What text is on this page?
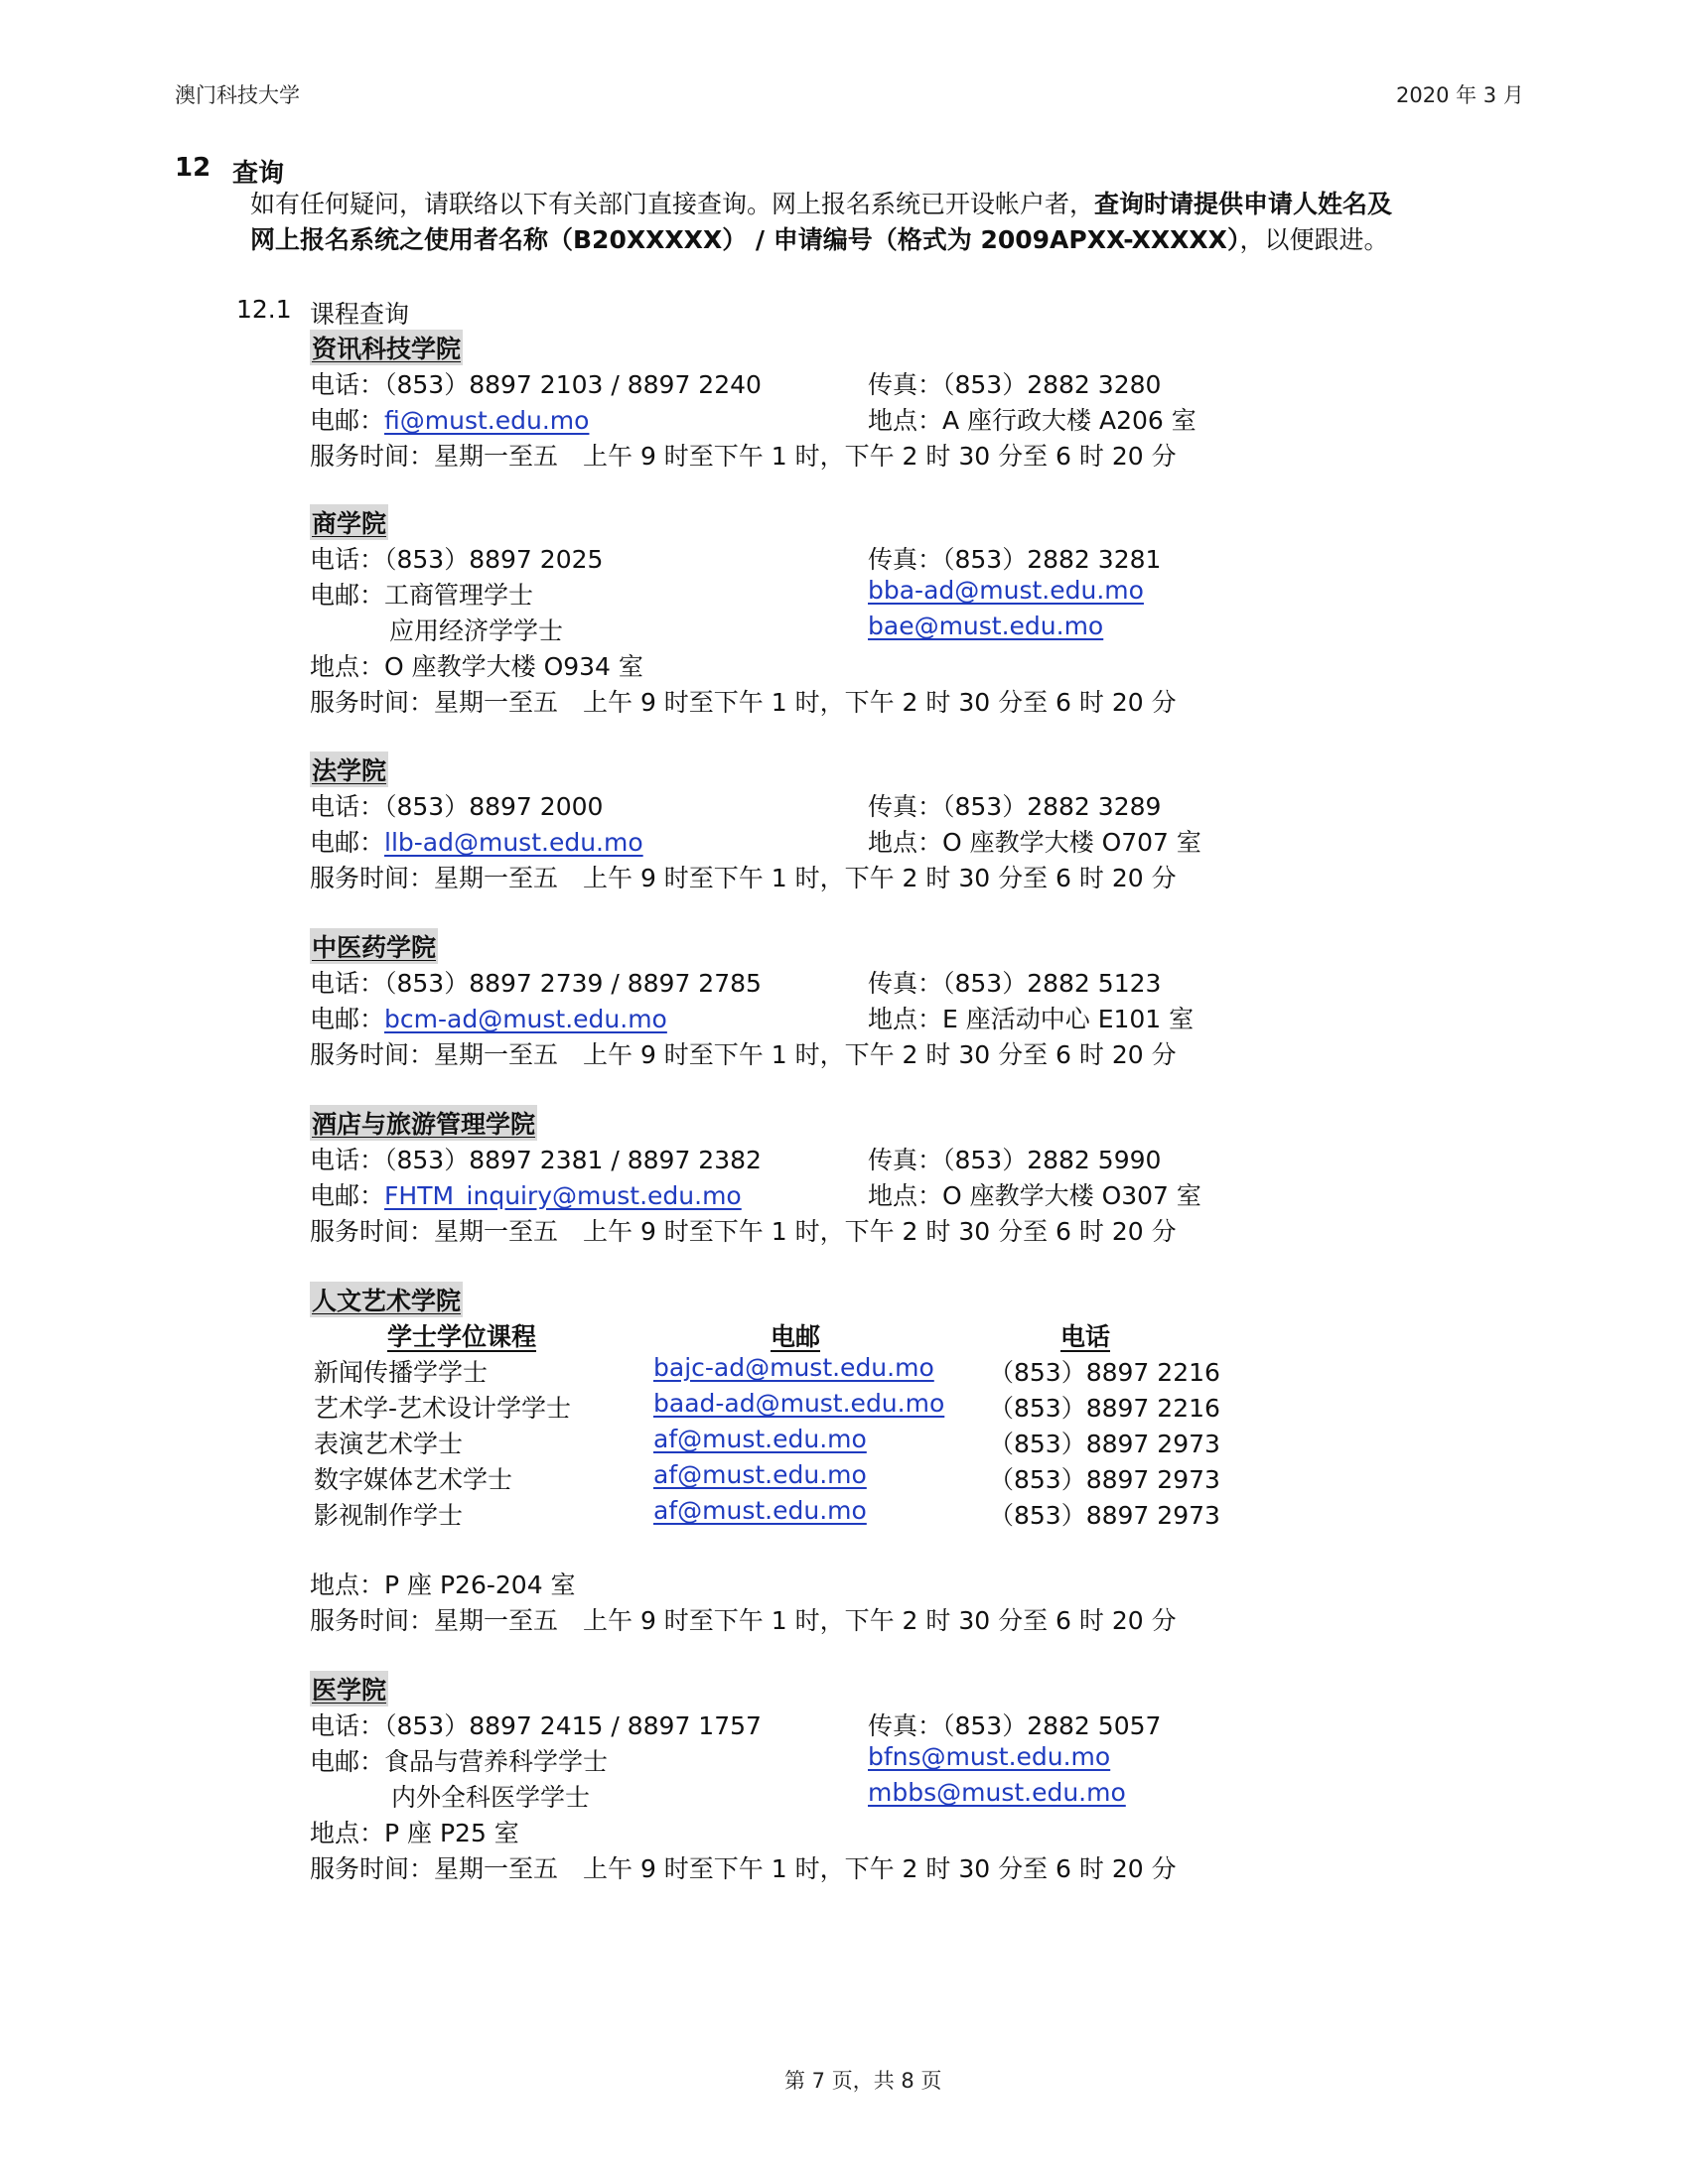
澳门科技大学	2020 年 3 月
12 查询
如有任何疑问，请联络以下有关部门直接查询。网上报名系统已开设帐户者，查询时请提供申请人姓名及
网上报名系统之使用者名称（B20XXXXX） / 申请编号（格式为 2009APXX-XXXXX），以便跟进。
12.1 课程查询
资讯科技学院
电话：（853）8897 2103 / 8897 2240	传真：（853）2882 3280
电邮：fi@must.edu.mo	地点：A 座行政大楼 A206 室
服务时间：星期一至五　上午 9 时至下午 1 时，下午 2 时 30 分至 6 时 20 分
商学院
电话：（853）8897 2025	传真：（853）2882 3281
电邮：工商管理学士	bba-ad@must.edu.mo
应用经济学学士	bae@must.edu.mo
地点：O 座教学大楼 O934 室
服务时间：星期一至五　上午 9 时至下午 1 时，下午 2 时 30 分至 6 时 20 分
法学院
电话：（853）8897 2000	传真：（853）2882 3289
电邮：llb-ad@must.edu.mo	地点：O 座教学大楼 O707 室
服务时间：星期一至五　上午 9 时至下午 1 时，下午 2 时 30 分至 6 时 20 分
中医药学院
电话：（853）8897 2739 / 8897 2785	传真：（853）2882 5123
电邮：bcm-ad@must.edu.mo	地点：E 座活动中心 E101 室
服务时间：星期一至五　上午 9 时至下午 1 时，下午 2 时 30 分至 6 时 20 分
酒店与旅游管理学院
电话：（853）8897 2381 / 8897 2382	传真：（853）2882 5990
电邮：FHTM_inquiry@must.edu.mo	地点：O 座教学大楼 O307 室
服务时间：星期一至五　上午 9 时至下午 1 时，下午 2 时 30 分至 6 时 20 分
人文艺术学院
学士学位课程	电邮	电话
新闻传播学学士	bajc-ad@must.edu.mo （853）8897 2216
艺术学-艺术设计学学士	baad-ad@must.edu.mo （853）8897 2216
表演艺术学士	af@must.edu.mo	（853）8897 2973
数字媒体艺术学士	af@must.edu.mo	（853）8897 2973
影视制作学士	af@must.edu.mo	（853）8897 2973
地点：P 座 P26-204 室
服务时间：星期一至五　上午 9 时至下午 1 时，下午 2 时 30 分至 6 时 20 分
医学院
电话：（853）8897 2415 / 8897 1757	传真：（853）2882 5057
电邮：食品与营养科学学士	bfns@must.edu.mo
内外全科医学学士	mbbs@must.edu.mo
地点：P 座 P25 室
服务时间：星期一至五　上午 9 时至下午 1 时，下午 2 时 30 分至 6 时 20 分
第 7 页，共 8 页
